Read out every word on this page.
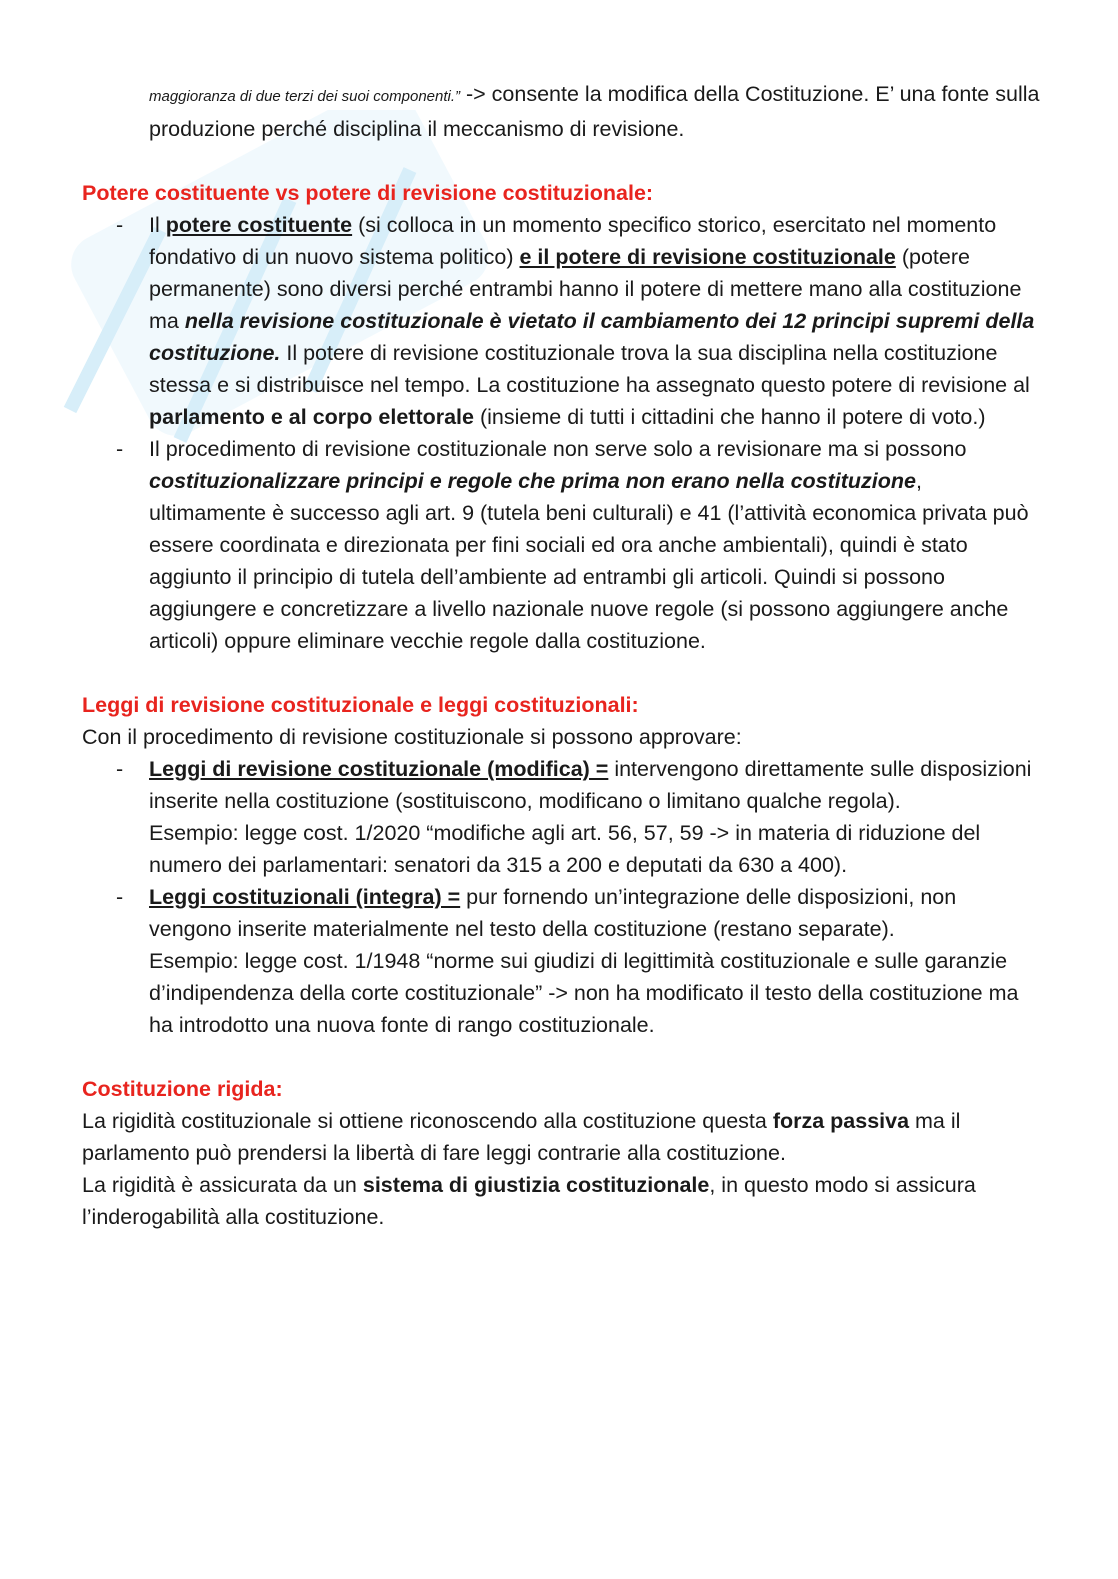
maggioranza di due terzi dei suoi componenti.” -> consente la modifica della Costituzione. E’ una fonte sulla produzione perché disciplina il meccanismo di revisione.

Potere costituente vs potere di revisione costituzionale:

- Il potere costituente (si colloca in un momento specifico storico, esercitato nel momento fondativo di un nuovo sistema politico) e il potere di revisione costituzionale (potere permanente) sono diversi perché entrambi hanno il potere di mettere mano alla costituzione ma nella revisione costituzionale è vietato il cambiamento dei 12 principi supremi della costituzione. Il potere di revisione costituzionale trova la sua disciplina nella costituzione stessa e si distribuisce nel tempo. La costituzione ha assegnato questo potere di revisione al parlamento e al corpo elettorale (insieme di tutti i cittadini che hanno il potere di voto.)
- Il procedimento di revisione costituzionale non serve solo a revisionare ma si possono costituzionalizzare principi e regole che prima non erano nella costituzione, ultimamente è successo agli art. 9 (tutela beni culturali) e 41 (l’attività economica privata può essere coordinata e direzionata per fini sociali ed ora anche ambientali), quindi è stato aggiunto il principio di tutela dell’ambiente ad entrambi gli articoli. Quindi si possono aggiungere e concretizzare a livello nazionale nuove regole (si possono aggiungere anche articoli) oppure eliminare vecchie regole dalla costituzione.

Leggi di revisione costituzionale e leggi costituzionali:

Con il procedimento di revisione costituzionale si possono approvare:

- Leggi di revisione costituzionale (modifica) = intervengono direttamente sulle disposizioni inserite nella costituzione (sostituiscono, modificano o limitano qualche regola).

Esempio: legge cost. 1/2020 “modifiche agli art. 56, 57, 59 -> in materia di riduzione del numero dei parlamentari: senatori da 315 a 200 e deputati da 630 a 400).

- Leggi costituzionali (integra) = pur fornendo un’integrazione delle disposizioni, non vengono inserite materialmente nel testo della costituzione (restano separate).

Esempio: legge cost. 1/1948 “norme sui giudizi di legittimità costituzionale e sulle garanzie d’indipendenza della corte costituzionale” -> non ha modificato il testo della costituzione ma ha introdotto una nuova fonte di rango costituzionale.

Costituzione rigida:

La rigidità costituzionale si ottiene riconoscendo alla costituzione questa forza passiva ma il parlamento può prendersi la libertà di fare leggi contrarie alla costituzione.

La rigidità è assicurata da un sistema di giustizia costituzionale, in questo modo si assicura l’inderogabilità alla costituzione.
